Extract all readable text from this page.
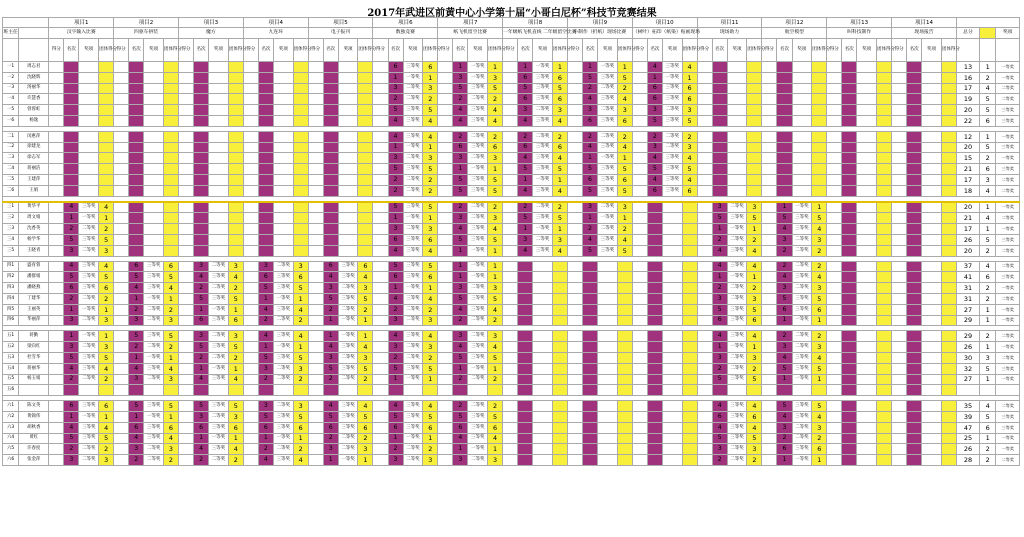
2017年武进区前黄中心小学第十届“小哥白尼杯”科技节竞赛结果
		项目1				项目2				项目3				项目4				项目5				项目6				项目7				项目8				项目9				项目10				项目11				项目12				项目13				项目14						
班主任		汉字输入比赛				四驱车拼装				魔方				九连环				电子报刊				数独竞赛				纸飞机留空比赛				一年级纸飞机直线 二年级留空比赛				小制作（折纸）现场比赛				（树叶）拓印（纸染）贴画现场				现场助力				航空模型				叫科技制作				现场报告				总分		奖项
		得分	名次	奖项	团体得分	得分	名次	奖项	团体得分	得分	名次	奖项	团体得分	得分	名次	奖项	团体得分	得分	名次	奖项	团体得分	得分	名次	奖项	团体得分	得分	名次	奖项	团体得分	得分	名次	奖项	团体得分	得分	名次	奖项	团体得分	得分	名次	奖项	团体得分	得分	名次	奖项	团体得分	得分	名次	奖项	团体得分	得分	名次	奖项	团体得分	得分	名次	奖项	团体得分			
一1	周志君																						6	三等奖	6		1	一等奖	1		1	一等奖	1		1	一等奖	1		4	三等奖	4																	13	1	一等奖
一2	沈晓辉																						1	一等奖	1		3	一等奖	3		6	三等奖	6		5	三等奖	5		1	一等奖	1																	16	2	一等奖
一3	汤丽华																						3	二等奖	3		5	三等奖	5		5	三等奖	5		2	二等奖	2		6	三等奖	6																	17	4	二等奖
一4	许慧香																						2	二等奖	2		2	二等奖	2		6	三等奖	6		4	三等奖	4		6	三等奖	6																	19	5	二等奖
一5	曾蓉虹																						5	三等奖	5		4	三等奖	4		3	二等奖	3		3	二等奖	3		3	二等奖	3																	20	5	三等奖
一6	杨逸																						4	三等奖	4		4	三等奖	4		4	三等奖	4		6	三等奖	6		5	三等奖	5																	22	6	三等奖

二1	闵惠萍																						4	三等奖	4		2	二等奖	2		2	二等奖	2		2	二等奖	2		2	二等奖	2																	12	1	一等奖
二2	徐建龙																						1	一等奖	1		6	三等奖	6		6	三等奖	6		4	三等奖	4		3	二等奖	3																	20	5	三等奖
二3	徐志军																						3	二等奖	3		3	二等奖	3		4	三等奖	4		1	一等奖	1		4	三等奖	4																	15	2	一等奖
二4	蒋丽洁																						5	三等奖	5		1	一等奖	1		5	三等奖	5		5	三等奖	5		5	三等奖	5																	21	6	三等奖
二5	王建萍																						2	二等奖	2		5	三等奖	5		1	一等奖	1		6	三等奖	6		4	三等奖	4																	17	3	二等奖
二6	王娟																						2	二等奖	2		5	三等奖	5		4	三等奖	4		5	三等奖	5		6	三等奖	6																	18	4	二等奖

三1	黄华平		4	三等奖	4																		5	三等奖	5		2	二等奖	2		2	二等奖	2		3	二等奖	3						3	二等奖	3		1	一等奖	1									20	1	一等奖
三2	周文娟		1	一等奖	1																		1	一等奖	1		3	二等奖	3		5	三等奖	5		1	一等奖	1						5	三等奖	5		5	三等奖	5									21	4	二等奖
三3	沈香英		2	二等奖	2																		3	二等奖	3		4	三等奖	4		1	一等奖	1		2	二等奖	2						1	一等奖	1		4	三等奖	4									17	1	一等奖
三4	杨学华		5	三等奖	5																		6	三等奖	6		5	三等奖	5		3	二等奖	3		4	三等奖	4						2	二等奖	2		3	二等奖	3									26	5	三等奖
三5	王晓青		3	二等奖	3																		4	三等奖	4		1	一等奖	1		4	三等奖	4		5	三等奖	5						4	三等奖	4		2	二等奖	2									20	2	二等奖

四1	盛育蓉		4	三等奖	4		6	三等奖	6		3	二等奖	3		3	二等奖	3		6	三等奖	6		5	三等奖	5		1	一等奖	1														4	三等奖	4		2	二等奖	2									37	4	二等奖
四2	潘群娟		5	三等奖	5		5	三等奖	5		4	三等奖	4		6	三等奖	6		4	三等奖	4		6	三等奖	6		1	一等奖	1														1	一等奖	1		4	三等奖	4									41	6	三等奖
四3	潘晓燕		6	三等奖	6		4	三等奖	4		2	二等奖	2		5	三等奖	5		3	二等奖	3		1	一等奖	1		3	二等奖	3														2	二等奖	2		3	二等奖	3									31	2	一等奖
四4	丁建华		2	二等奖	2		1	一等奖	1		5	三等奖	5		1	一等奖	1		5	三等奖	5		4	三等奖	4		5	三等奖	5														3	二等奖	3		5	三等奖	5									31	2	二等奖
四5	王丽英		1	一等奖	1		2	二等奖	2		1	一等奖	1		4	三等奖	4		2	二等奖	2		2	二等奖	2		4	三等奖	4														5	三等奖	5		6	三等奖	6									27	1	一等奖
四6	华丽萍		3	二等奖	3		3	二等奖	3		6	三等奖	6		2	二等奖	2		1	一等奖	1		3	二等奖	3		2	二等奖	2														6	三等奖	6		1	一等奖	1									29	1	一等奖

五1	蒋勤		1	一等奖	1		5	三等奖	5		3	二等奖	3		4	三等奖	4		1	一等奖	1		4	三等奖	4		3	二等奖	3														4	三等奖	4		2	二等奖	2									29	2	二等奖
五2	梁向红		3	二等奖	3		2	二等奖	2		5	三等奖	5		1	一等奖	1		4	三等奖	4		3	二等奖	3		4	三等奖	4														1	一等奖	1		3	二等奖	3									26	1	一等奖
五3	杜雪华		5	三等奖	5		1	一等奖	1		2	二等奖	2		5	三等奖	5		3	二等奖	3		2	二等奖	2		5	三等奖	5														3	二等奖	3		4	三等奖	4									30	3	二等奖
五4	蒋丽华		4	三等奖	4		4	三等奖	4		1	一等奖	1		3	二等奖	3		5	三等奖	5		5	三等奖	5		1	一等奖	1														2	二等奖	2		5	三等奖	5									32	5	三等奖
五5	杨玉娟		2	二等奖	2		3	二等奖	3		4	三等奖	4		2	二等奖	2		2	二等奖	2		1	一等奖	1		2	二等奖	2														5	三等奖	5		1	一等奖	1									27	1	一等奖
五6																																																												

六1	陈文英		6	三等奖	6		5	三等奖	5		5	三等奖	5		3	二等奖	3		4	三等奖	4		4	三等奖	4		2	二等奖	2														4	三等奖	4		5	三等奖	5									35	4	二等奖
六2	黄锦伟		1	一等奖	1		1	一等奖	1		3	二等奖	3		5	三等奖	5		5	三等奖	5		5	三等奖	5		5	三等奖	5														6	三等奖	6		4	三等奖	4									39	5	三等奖
六3	胡秋香		4	三等奖	4		6	三等奖	6		6	三等奖	6		6	三等奖	6		6	三等奖	6		6	三等奖	6		6	三等奖	6														4	三等奖	4		3	二等奖	3									47	6	三等奖
六4	黄红		5	三等奖	5		4	三等奖	4		1	一等奖	1		1	一等奖	1		2	二等奖	2		1	一等奖	1		4	三等奖	4														5	三等奖	5		2	二等奖	2									25	1	一等奖
六5	许春度		2	二等奖	2		3	二等奖	3		4	三等奖	4		2	二等奖	2		3	二等奖	3		2	二等奖	2		1	一等奖	1														3	二等奖	3		6	三等奖	6									26	2	一等奖
六6	张金萍		3	二等奖	3		2	二等奖	2		2	二等奖	2		4	三等奖	4		1	一等奖	1		3	二等奖	3		3	二等奖	3														2	二等奖	2		1	一等奖	1									28	2	二等奖
